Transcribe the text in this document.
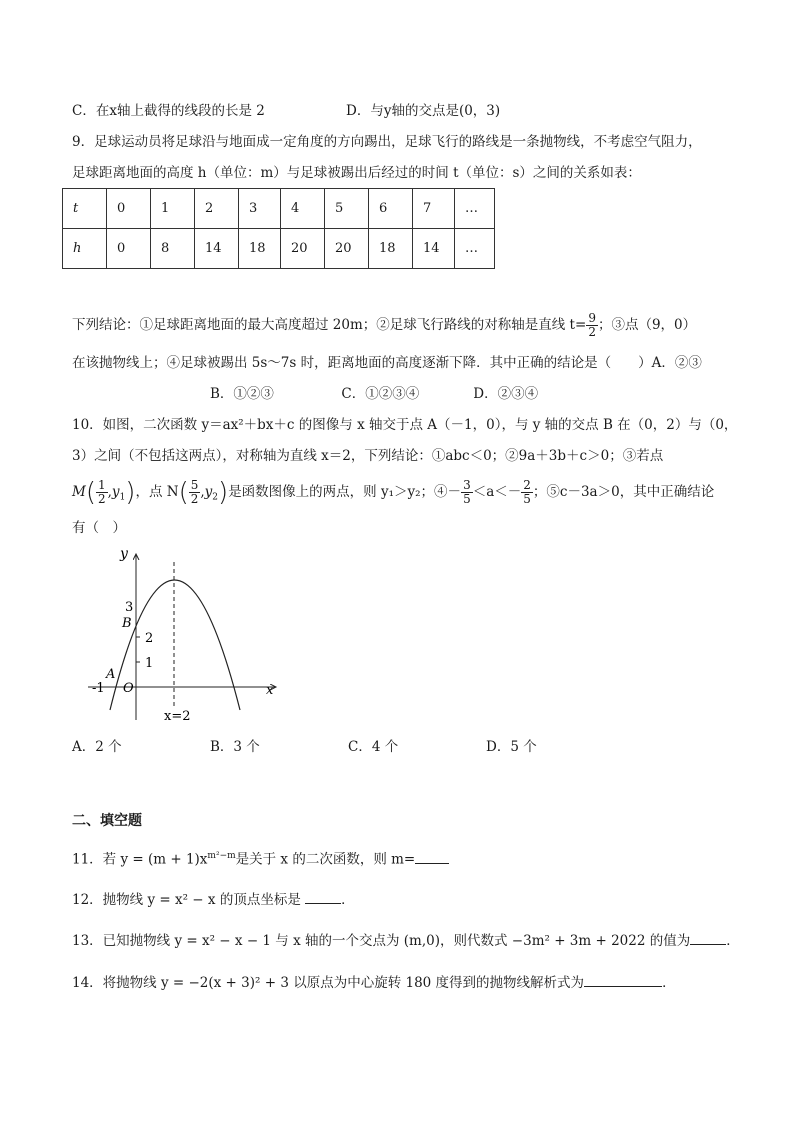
C．在x轴上截得的线段的长是 2	D．与y轴的交点是(0，3)
9．足球运动员将足球沿与地面成一定角度的方向踢出，足球飞行的路线是一条抛物线，不考虑空气阻力，
足球距离地面的高度 h（单位：m）与足球被踢出后经过的时间 t（单位：s）之间的关系如表：
t	0	1	2	3	4	5	6	7	…
h	0	8	14	18	20	20	18	14	…
下列结论：①足球距离地面的最大高度超过 20m；②足球飞行路线的对称轴是直线 $t= \frac{9}{2}$ ；③点（9，0）
在该抛物线上；④足球被踢出 5s～7s 时，距离地面的高度逐渐下降．其中正确的结论是（　　）A．②③
B．①②③　　　　　C．①②③④　　　　D．②③④
10．如图，二次函数 y＝ax²＋bx＋c 的图像与 x 轴交于点 A（－1，0），与 y 轴的交点 B 在（0，2）与（0，
3）之间（不包括这两点），对称轴为直线 x＝2，下列结论：①abc＜0；②9a＋3b＋c＞0；③若点
$M( \frac{1}{2} ,y_1)$，点 $N( \frac{5}{2} ,y_2)$是函数图像上的两点，则 y₁＞y₂；④－ $\frac{3}{5} <a<- \frac{2}{5}$ ；⑤c－3a＞0，其中正确结论
有（　）
y
x
O
3
B
2
1
A
-1
x=2
A．2 个	B．3 个	C．4 个	D．5 个
二、填空题
11．若 $y = (m + 1)x^{m^2-m}$是关于 x 的二次函数，则 m=
12．抛物线 y = x² − x 的顶点坐标是	．
13．已知抛物线 y = x² − x − 1 与 x 轴的一个交点为 (m,0)，则代数式 −3m² + 3m + 2022 的值为	．
14．将抛物线 y = −2(x + 3)² + 3 以原点为中心旋转 180 度得到的抛物线解析式为	．
